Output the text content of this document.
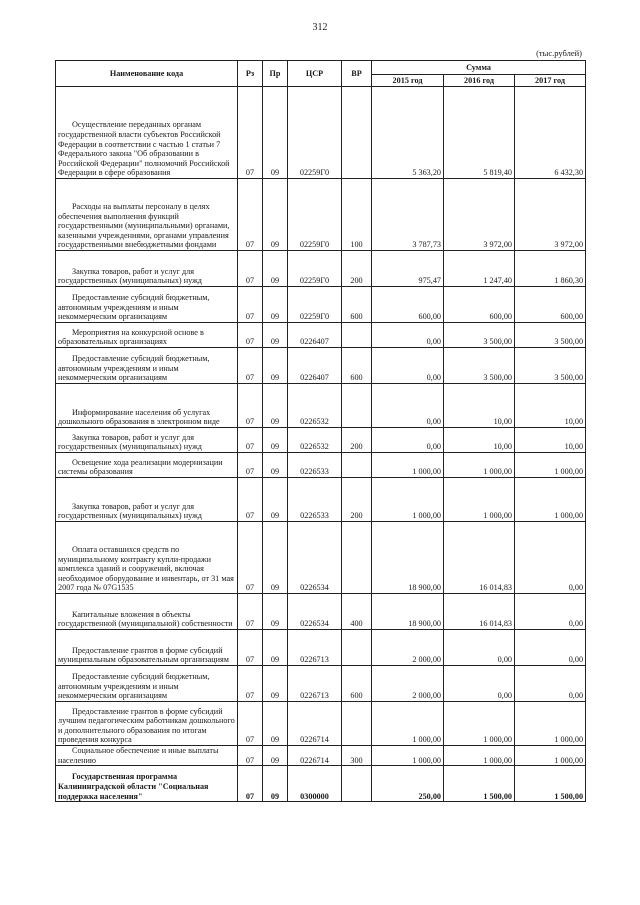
312
(тыс.рублей)
Наименование кода	Рз	Пр	ЦСР	ВР	Сумма		
					2015 год	2016 год	2017 год
Осуществление переданных органам государственной власти субъектов Российской Федерации в соответствии с частью 1 статьи 7 Федерального закона "Об образовании в Российской Федерации" полномочий Российской Федерации в сфере образования	07	09	02259Г0		5 363,20	5 819,40	6 432,30
Расходы на выплаты персоналу в целях обеспечения выполнения функций государственными (муниципальными) органами, казенными учреждениями, органами управления государственными внебюджетными фондами	07	09	02259Г0	100	3 787,73	3 972,00	3 972,00
Закупка товаров, работ и услуг для государственных (муниципальных) нужд	07	09	02259Г0	200	975,47	1 247,40	1 860,30
Предоставление субсидий бюджетным, автономным учреждениям и иным некоммерческим организациям	07	09	02259Г0	600	600,00	600,00	600,00
Мероприятия на конкурсной основе в образовательных организациях	07	09	0226407		0,00	3 500,00	3 500,00
Предоставление субсидий бюджетным, автономным учреждениям и иным некоммерческим организациям	07	09	0226407	600	0,00	3 500,00	3 500,00
Информирование населения об услугах дошкольного образования в электронном виде	07	09	0226532		0,00	10,00	10,00
Закупка товаров, работ и услуг для государственных (муниципальных) нужд	07	09	0226532	200	0,00	10,00	10,00
Освещение хода реализации модернизации системы образования	07	09	0226533		1 000,00	1 000,00	1 000,00
Закупка товаров, работ и услуг для государственных (муниципальных) нужд	07	09	0226533	200	1 000,00	1 000,00	1 000,00
Оплата оставшихся средств по муниципальному контракту купли-продажи комплекса зданий и сооружений, включая необходимое оборудование и инвентарь, от 31 мая 2007 года № 07G1535	07	09	0226534		18 900,00	16 014,83	0,00
Капитальные вложения в объекты государственной (муниципальной) собственности	07	09	0226534	400	18 900,00	16 014,83	0,00
Предоставление грантов в форме субсидий муниципальным образовательным организациям	07	09	0226713		2 000,00	0,00	0,00
Предоставление субсидий бюджетным, автономным учреждениям и иным некоммерческим организациям	07	09	0226713	600	2 000,00	0,00	0,00
Предоставление грантов в форме субсидий лучшим педагогическим работникам дошкольного и дополнительного образования по итогам проведения конкурса	07	09	0226714		1 000,00	1 000,00	1 000,00
Социальное обеспечение и иные выплаты населению	07	09	0226714	300	1 000,00	1 000,00	1 000,00
Государственная программа Калининградской области "Социальная поддержка населения"	07	09	0300000		250,00	1 500,00	1 500,00
